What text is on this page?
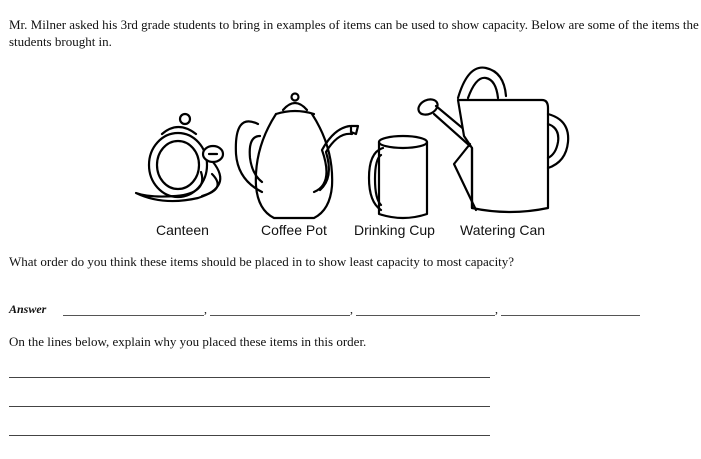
Mr. Milner asked his 3rd grade students to bring in examples of items can be used to show capacity. Below are some of the items the students brought in.

Canteen	Coffee Pot Drinking Cup Watering Can

What order do you think these items should be placed in to show least capacity to most capacity?

Answer	,	,	,

On the lines below, explain why you placed these items in this order.
